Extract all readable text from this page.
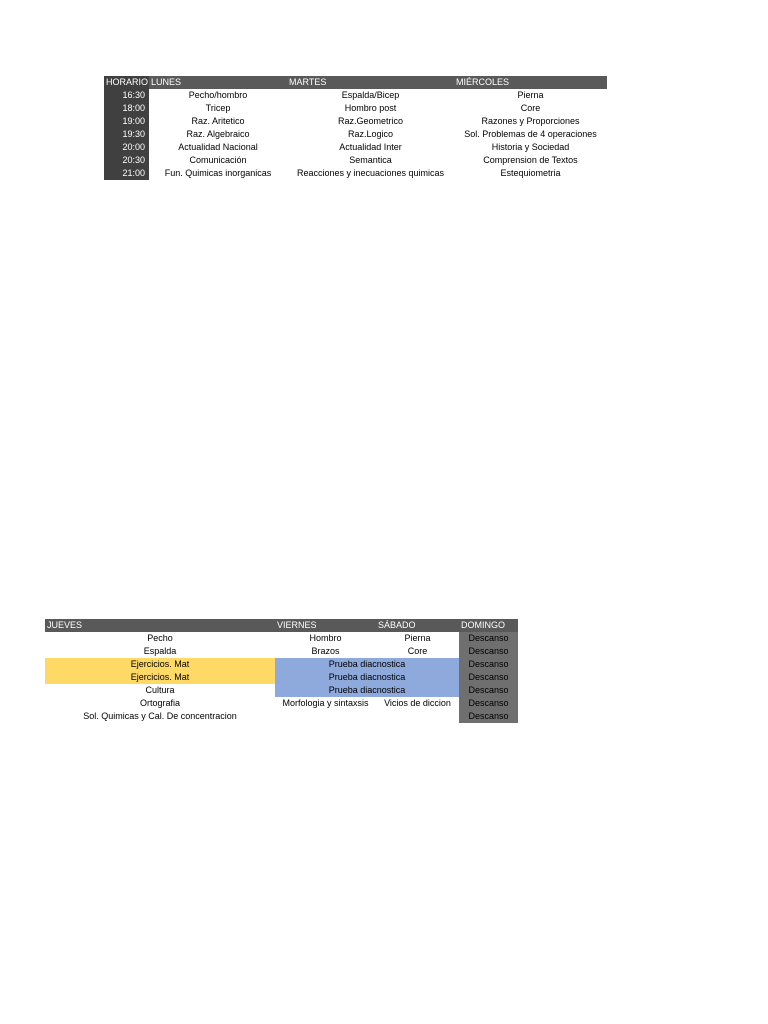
HORARIO	LUNES	MARTES	MIÉRCOLES
16:30	Pecho/hombro	Espalda/Bicep	Pierna
18:00	Tricep	Hombro post	Core
19:00	Raz. Aritetico	Raz.Geometrico	Razones y Proporciones
19:30	Raz. Algebraico	Raz.Logico	Sol. Problemas de 4 operaciones
20:00	Actualidad Nacional	Actualidad Inter	Historia y Sociedad
20:30	Comunicación	Semantica	Comprension de Textos
21:00	Fun. Quimicas inorganicas	Reacciones y inecuaciones quimicas	Estequiometria
JUEVES	VIERNES	SÁBADO	DOMINGO
Pecho	Hombro	Pierna	Descanso
Espalda	Brazos	Core	Descanso
Ejercicios. Mat	Prueba diacnostica		Descanso
Ejercicios. Mat	Prueba diacnostica		Descanso
Cultura	Prueba diacnostica		Descanso
Ortografia	Morfologia y sintaxsis	Vicios de diccion	Descanso
Sol. Quimicas y Cal. De concentracion			Descanso
